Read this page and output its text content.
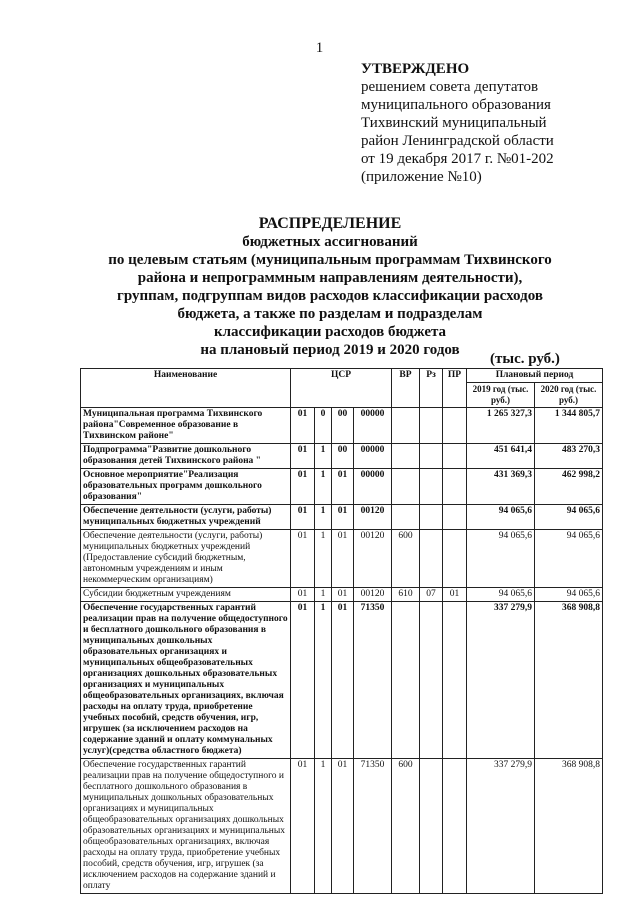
1
УТВЕРЖДЕНО
решением совета депутатов
муниципального образования
Тихвинский муниципальный
район Ленинградской области
от 19 декабря 2017 г. №01-202
(приложение №10)
РАСПРЕДЕЛЕНИЕ
бюджетных ассигнований
по целевым статьям (муниципальным программам Тихвинского
района и непрограммным направлениям деятельности),
группам, подгруппам видов расходов классификации расходов
бюджета, а также по разделам и подразделам
классификации расходов бюджета
на плановый период 2019 и 2020 годов
(тыс. руб.)
Наименование	ЦСР				ВР	Рз	ПР	Плановый период	
								2019 год (тыс. руб.)	2020 год (тыс. руб.)
Муниципальная программа Тихвинского района"Современное образование в Тихвинском районе"	01	0	00	00000				1 265 327,3	1 344 805,7
Подпрограмма"Развитие дошкольного образования детей Тихвинского района "	01	1	00	00000				451 641,4	483 270,3
Основное мероприятие"Реализация образовательных программ дошкольного образования"	01	1	01	00000				431 369,3	462 998,2
Обеспечение деятельности (услуги, работы) муниципальных бюджетных учреждений	01	1	01	00120				94 065,6	94 065,6
Обеспечение деятельности (услуги, работы) муниципальных бюджетных учреждений (Предоставление субсидий бюджетным, автономным учреждениям и иным некоммерческим организациям)	01	1	01	00120	600			94 065,6	94 065,6
Субсидии бюджетным учреждениям	01	1	01	00120	610	07	01	94 065,6	94 065,6
Обеспечение государственных гарантий реализации прав на получение общедоступного и бесплатного дошкольного образования в муниципальных дошкольных образовательных организациях и муниципальных общеобразовательных организациях дошкольных образовательных организациях и муниципальных общеобразовательных организациях, включая расходы на оплату труда, приобретение учебных пособий, средств обучения, игр, игрушек (за исключением расходов на содержание зданий и оплату коммунальных услуг)(средства областного бюджета)	01	1	01	71350				337 279,9	368 908,8
Обеспечение государственных гарантий реализации прав на получение общедоступного и бесплатного дошкольного образования в муниципальных дошкольных образовательных организациях и муниципальных общеобразовательных организациях дошкольных образовательных организациях и муниципальных общеобразовательных организациях, включая расходы на оплату труда, приобретение учебных пособий, средств обучения, игр, игрушек (за исключением расходов на содержание зданий и оплату	01	1	01	71350	600			337 279,9	368 908,8
